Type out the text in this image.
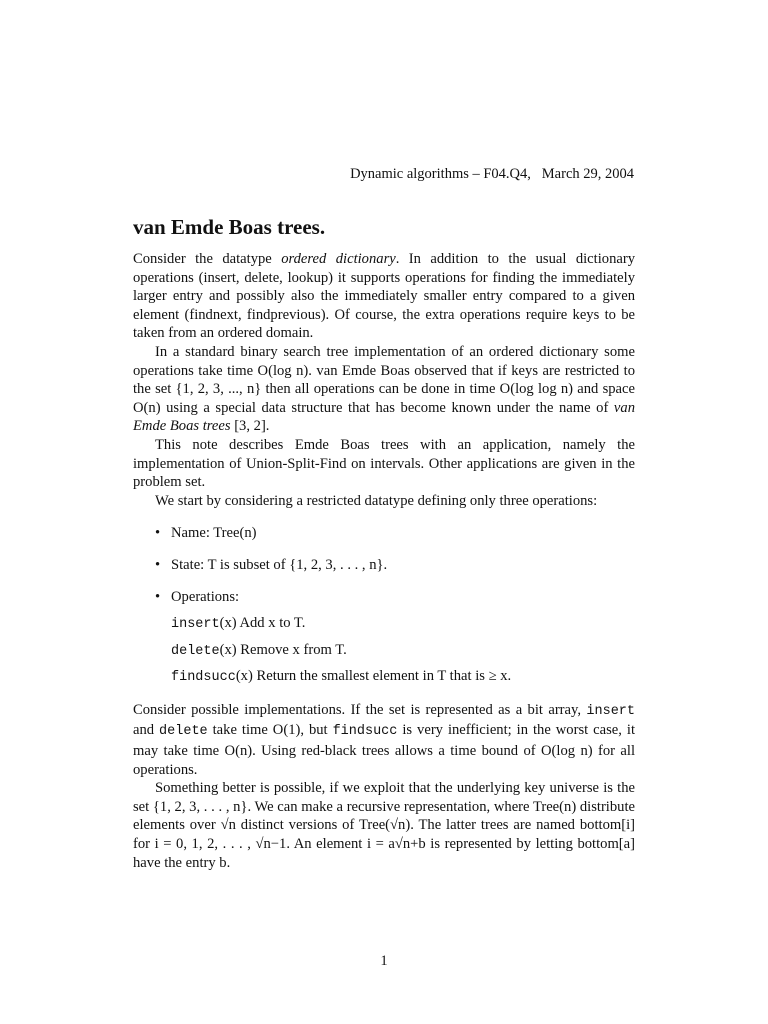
Dynamic algorithms – F04.Q4, March 29, 2004
van Emde Boas trees.

Consider the datatype ordered dictionary. In addition to the usual dictionary operations (insert, delete, lookup) it supports operations for finding the immediately larger entry and possibly also the immediately smaller entry compared to a given element (findnext, findprevious). Of course, the extra operations require keys to be taken from an ordered domain.

In a standard binary search tree implementation of an ordered dictionary some operations take time O(log n). van Emde Boas observed that if keys are restricted to the set {1, 2, 3, ..., n} then all operations can be done in time O(log log n) and space O(n) using a special data structure that has become known under the name of van Emde Boas trees [3, 2].

This note describes Emde Boas trees with an application, namely the implementation of Union-Split-Find on intervals. Other applications are given in the problem set.

We start by considering a restricted datatype defining only three operations:

• Name: Tree(n)
• State: T is subset of {1, 2, 3, . . . , n}.
• Operations:
insert(x) Add x to T.
delete(x) Remove x from T.
findsucc(x) Return the smallest element in T that is ≥ x.

Consider possible implementations. If the set is represented as a bit array, insert and delete take time O(1), but findsucc is very inefficient; in the worst case, it may take time O(n). Using red-black trees allows a time bound of O(log n) for all operations.

Something better is possible, if we exploit that the underlying key universe is the set {1, 2, 3, . . . , n}. We can make a recursive representation, where Tree(n) distribute elements over √n distinct versions of Tree(√n). The latter trees are named bottom[i] for i = 0, 1, 2, . . . , √n−1. An element i = a√n+b is represented by letting bottom[a] have the entry b.

1
